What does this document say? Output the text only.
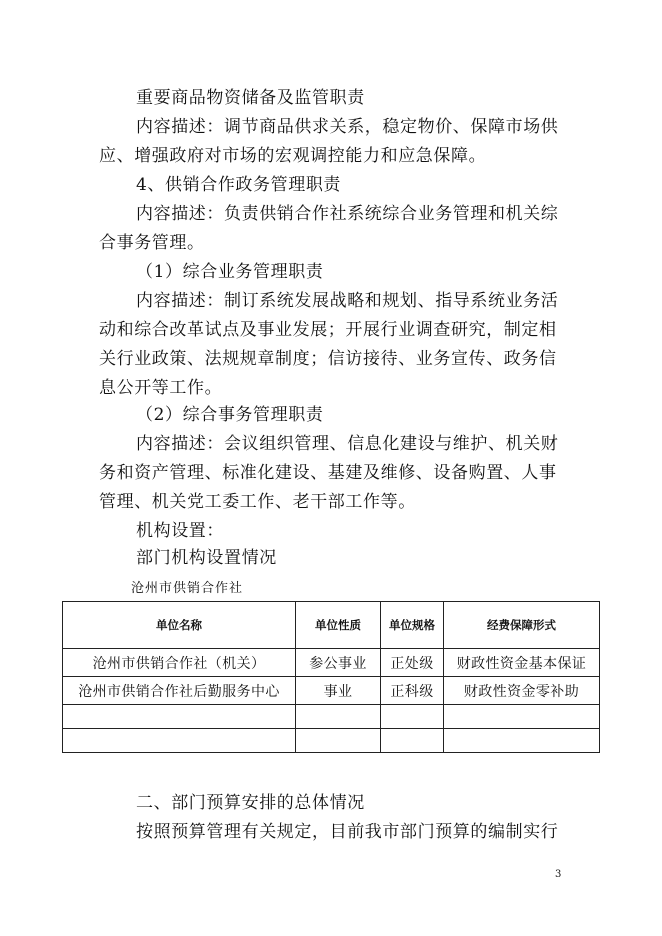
重要商品物资储备及监管职责
内容描述：调节商品供求关系，稳定物价、保障市场供
应、增强政府对市场的宏观调控能力和应急保障。
4、供销合作政务管理职责
内容描述：负责供销合作社系统综合业务管理和机关综
合事务管理。
（1）综合业务管理职责
内容描述：制订系统发展战略和规划、指导系统业务活
动和综合改革试点及事业发展；开展行业调查研究，制定相
关行业政策、法规规章制度；信访接待、业务宣传、政务信
息公开等工作。
（2）综合事务管理职责
内容描述：会议组织管理、信息化建设与维护、机关财
务和资产管理、标准化建设、基建及维修、设备购置、人事
管理、机关党工委工作、老干部工作等。
机构设置：
部门机构设置情况
沧州市供销合作社
单位名称	单位性质	单位规格	经费保障形式
沧州市供销合作社（机关）	参公事业	正处级	财政性资金基本保证
沧州市供销合作社后勤服务中心	事业	正科级	财政性资金零补助

二、部门预算安排的总体情况
按照预算管理有关规定，目前我市部门预算的编制实行
3
